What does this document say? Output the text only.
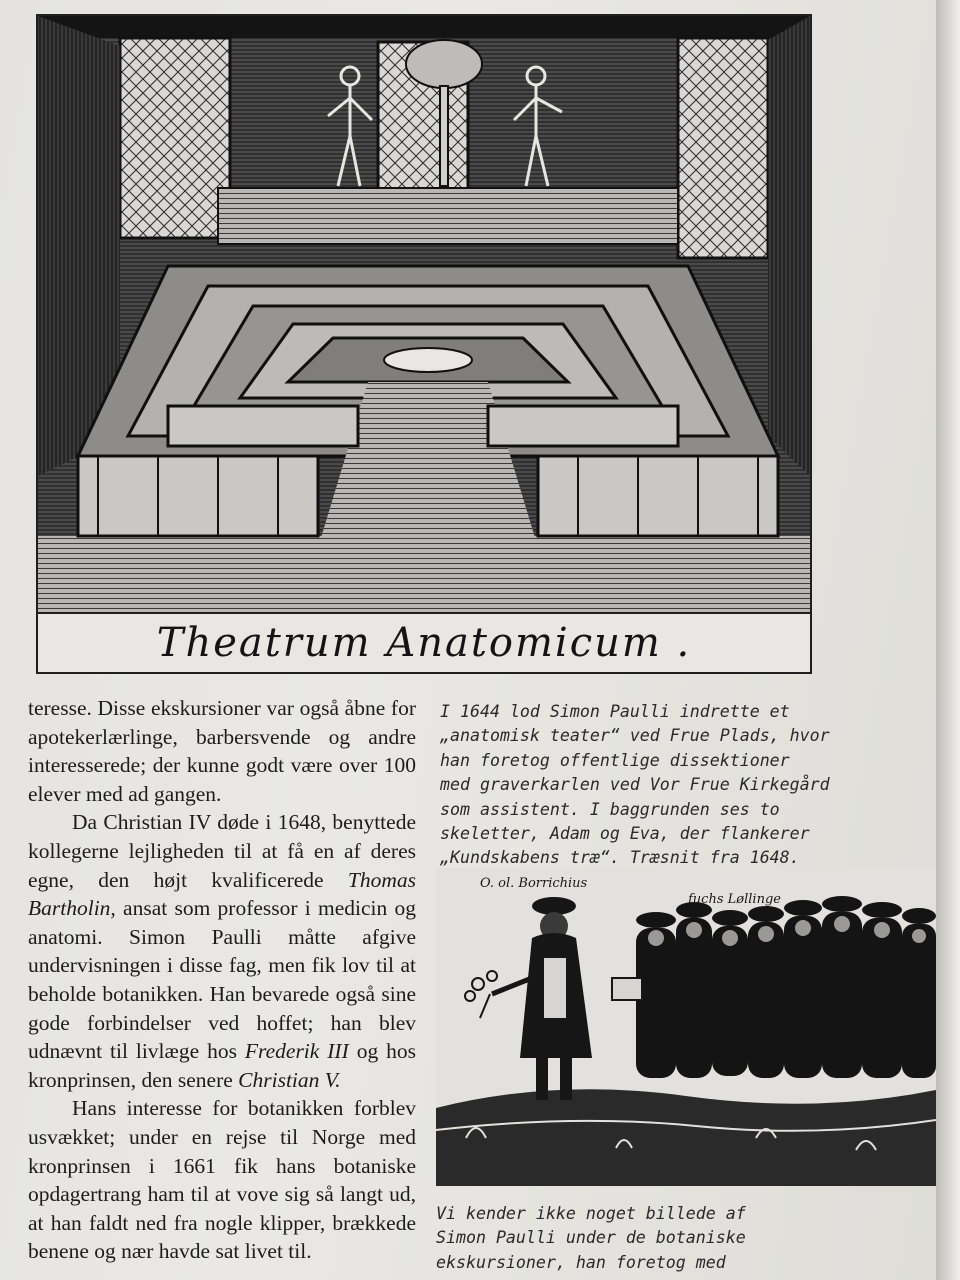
Theatrum Anatomicum .

teresse. Disse ekskursioner var også åbne for apotekerlærlinge, barbersvende og andre interesserede; der kunne godt være over 100 elever med ad gangen.

Da Christian IV døde i 1648, benyttede kollegerne lejligheden til at få en af deres egne, den højt kvalificerede Thomas Bartholin, ansat som professor i medicin og anatomi. Simon Paulli måtte afgive undervisningen i disse fag, men fik lov til at beholde botanikken. Han bevarede også sine gode forbindelser ved hoffet; han blev udnævnt til livlæge hos Frederik III og hos kronprinsen, den senere Christian V.

Hans interesse for botanikken forblev usvækket; under en rejse til Norge med kronprinsen i 1661 fik hans botaniske opdagertrang ham til at vove sig så langt ud, at han faldt ned fra nogle klipper, brækkede benene og nær havde sat livet til.

I 1644 lod Simon Paulli indrette et
„anatomisk teater“ ved Frue Plads, hvor
han foretog offentlige dissektioner
med graverkarlen ved Vor Frue Kirkegård
som assistent. I baggrunden ses to
skeletter, Adam og Eva, der flankerer
„Kundskabens træ“. Træsnit fra 1648.
O. ol. Borrichius
fuchs Løllinge
Vi kender ikke noget billede af
Simon Paulli under de botaniske
ekskursioner, han foretog med
